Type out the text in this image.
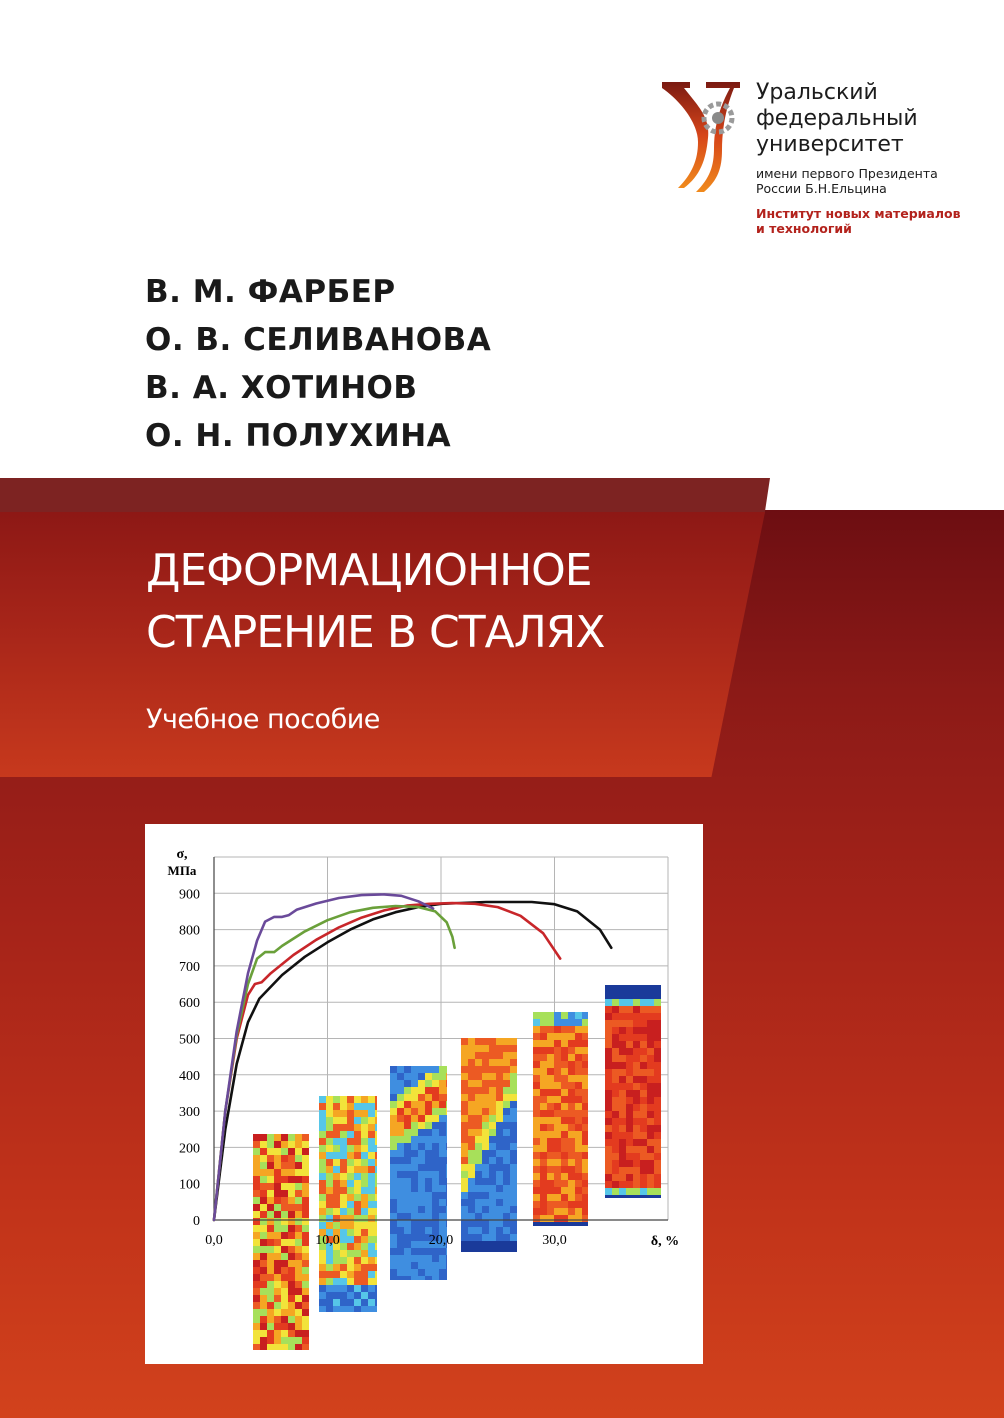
Уральский
федеральный
университет
имени первого Президента
России Б.Н.Ельцина
Институт новых материалов
и технологий
В. М. ФАРБЕР
О. В. СЕЛИВАНОВА
В. А. ХОТИНОВ
О. Н. ПОЛУХИНА
ДЕФОРМАЦИОННОЕ
СТАРЕНИЕ В СТАЛЯХ
Учебное пособие
0
100
200
300
400
500
600
700
800
900
0,0	10,0	20,0	30,0
σ,
МПа
δ, %
